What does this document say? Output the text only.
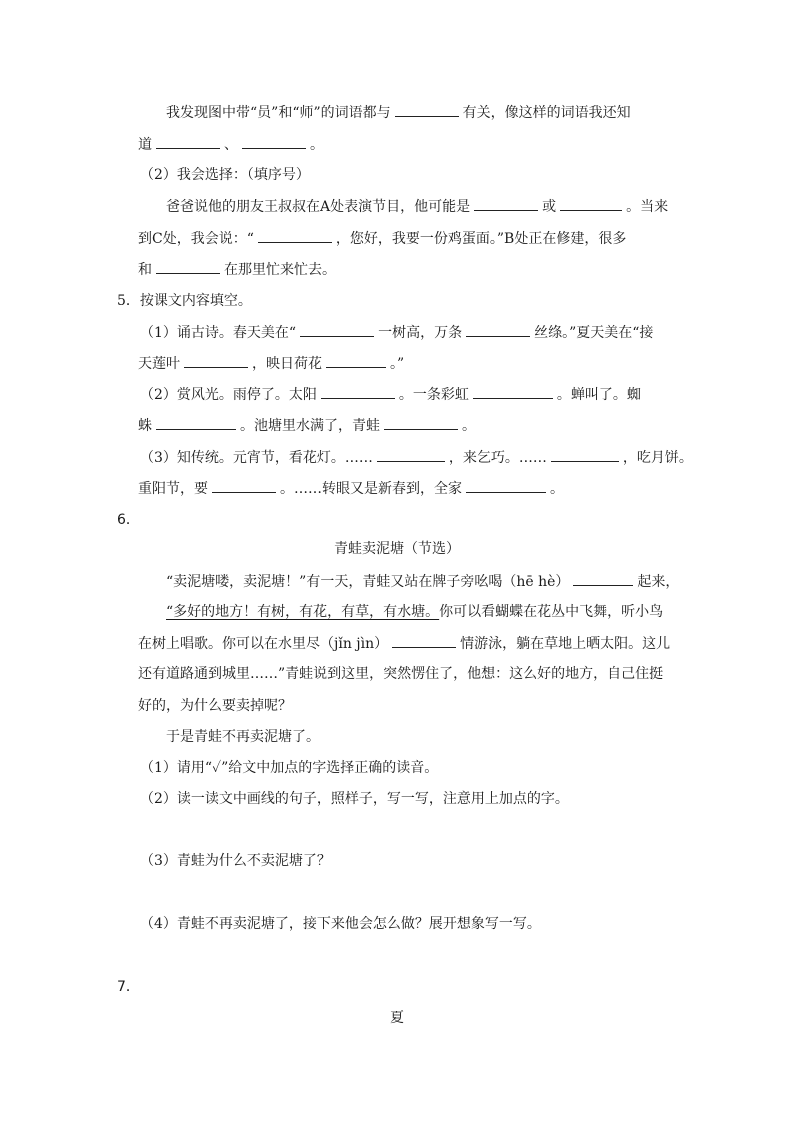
我发现图中带“员”和“师”的词语都与	有关，像这样的词语我还知
道	、	。
（2）我会选择：（填序号）
爸爸说他的朋友王叔叔在A处表演节目，他可能是	或	。当来
到C处，我会说：“	，您好，我要一份鸡蛋面。”B处正在修建，很多
和	在那里忙来忙去。
5．按课文内容填空。
（1）诵古诗。春天美在“	一树高，万条	丝绦。”夏天美在“接
天莲叶	，映日荷花	。”
（2）赏风光。雨停了。太阳	。一条彩虹	。蝉叫了。蜘
蛛	。池塘里水满了，青蛙	。
（3）知传统。元宵节，看花灯。……	，来乞巧。……	，吃月饼。
重阳节，要	。……转眼又是新春到，全家	。
6．
青蛙卖泥塘（节选）
“卖泥塘喽，卖泥塘！”有一天，青蛙又站在牌子旁吆喝（hē hè）	起来，
“多好的地方！有树，有花，有草，有水塘。你可以看蝴蝶在花丛中飞舞，听小鸟
在树上唱歌。你可以在水里尽（jǐn jìn）	情游泳，躺在草地上晒太阳。这儿
还有道路通到城里……”青蛙说到这里，突然愣住了，他想：这么好的地方，自己住挺
好的，为什么要卖掉呢？
于是青蛙不再卖泥塘了。
（1）请用“✓”给文中加点的字选择正确的读音。
（2）读一读文中画线的句子，照样子，写一写，注意用上加点的字。
（3）青蛙为什么不卖泥塘了？
（4）青蛙不再卖泥塘了，接下来他会怎么做？展开想象写一写。
7．
夏
